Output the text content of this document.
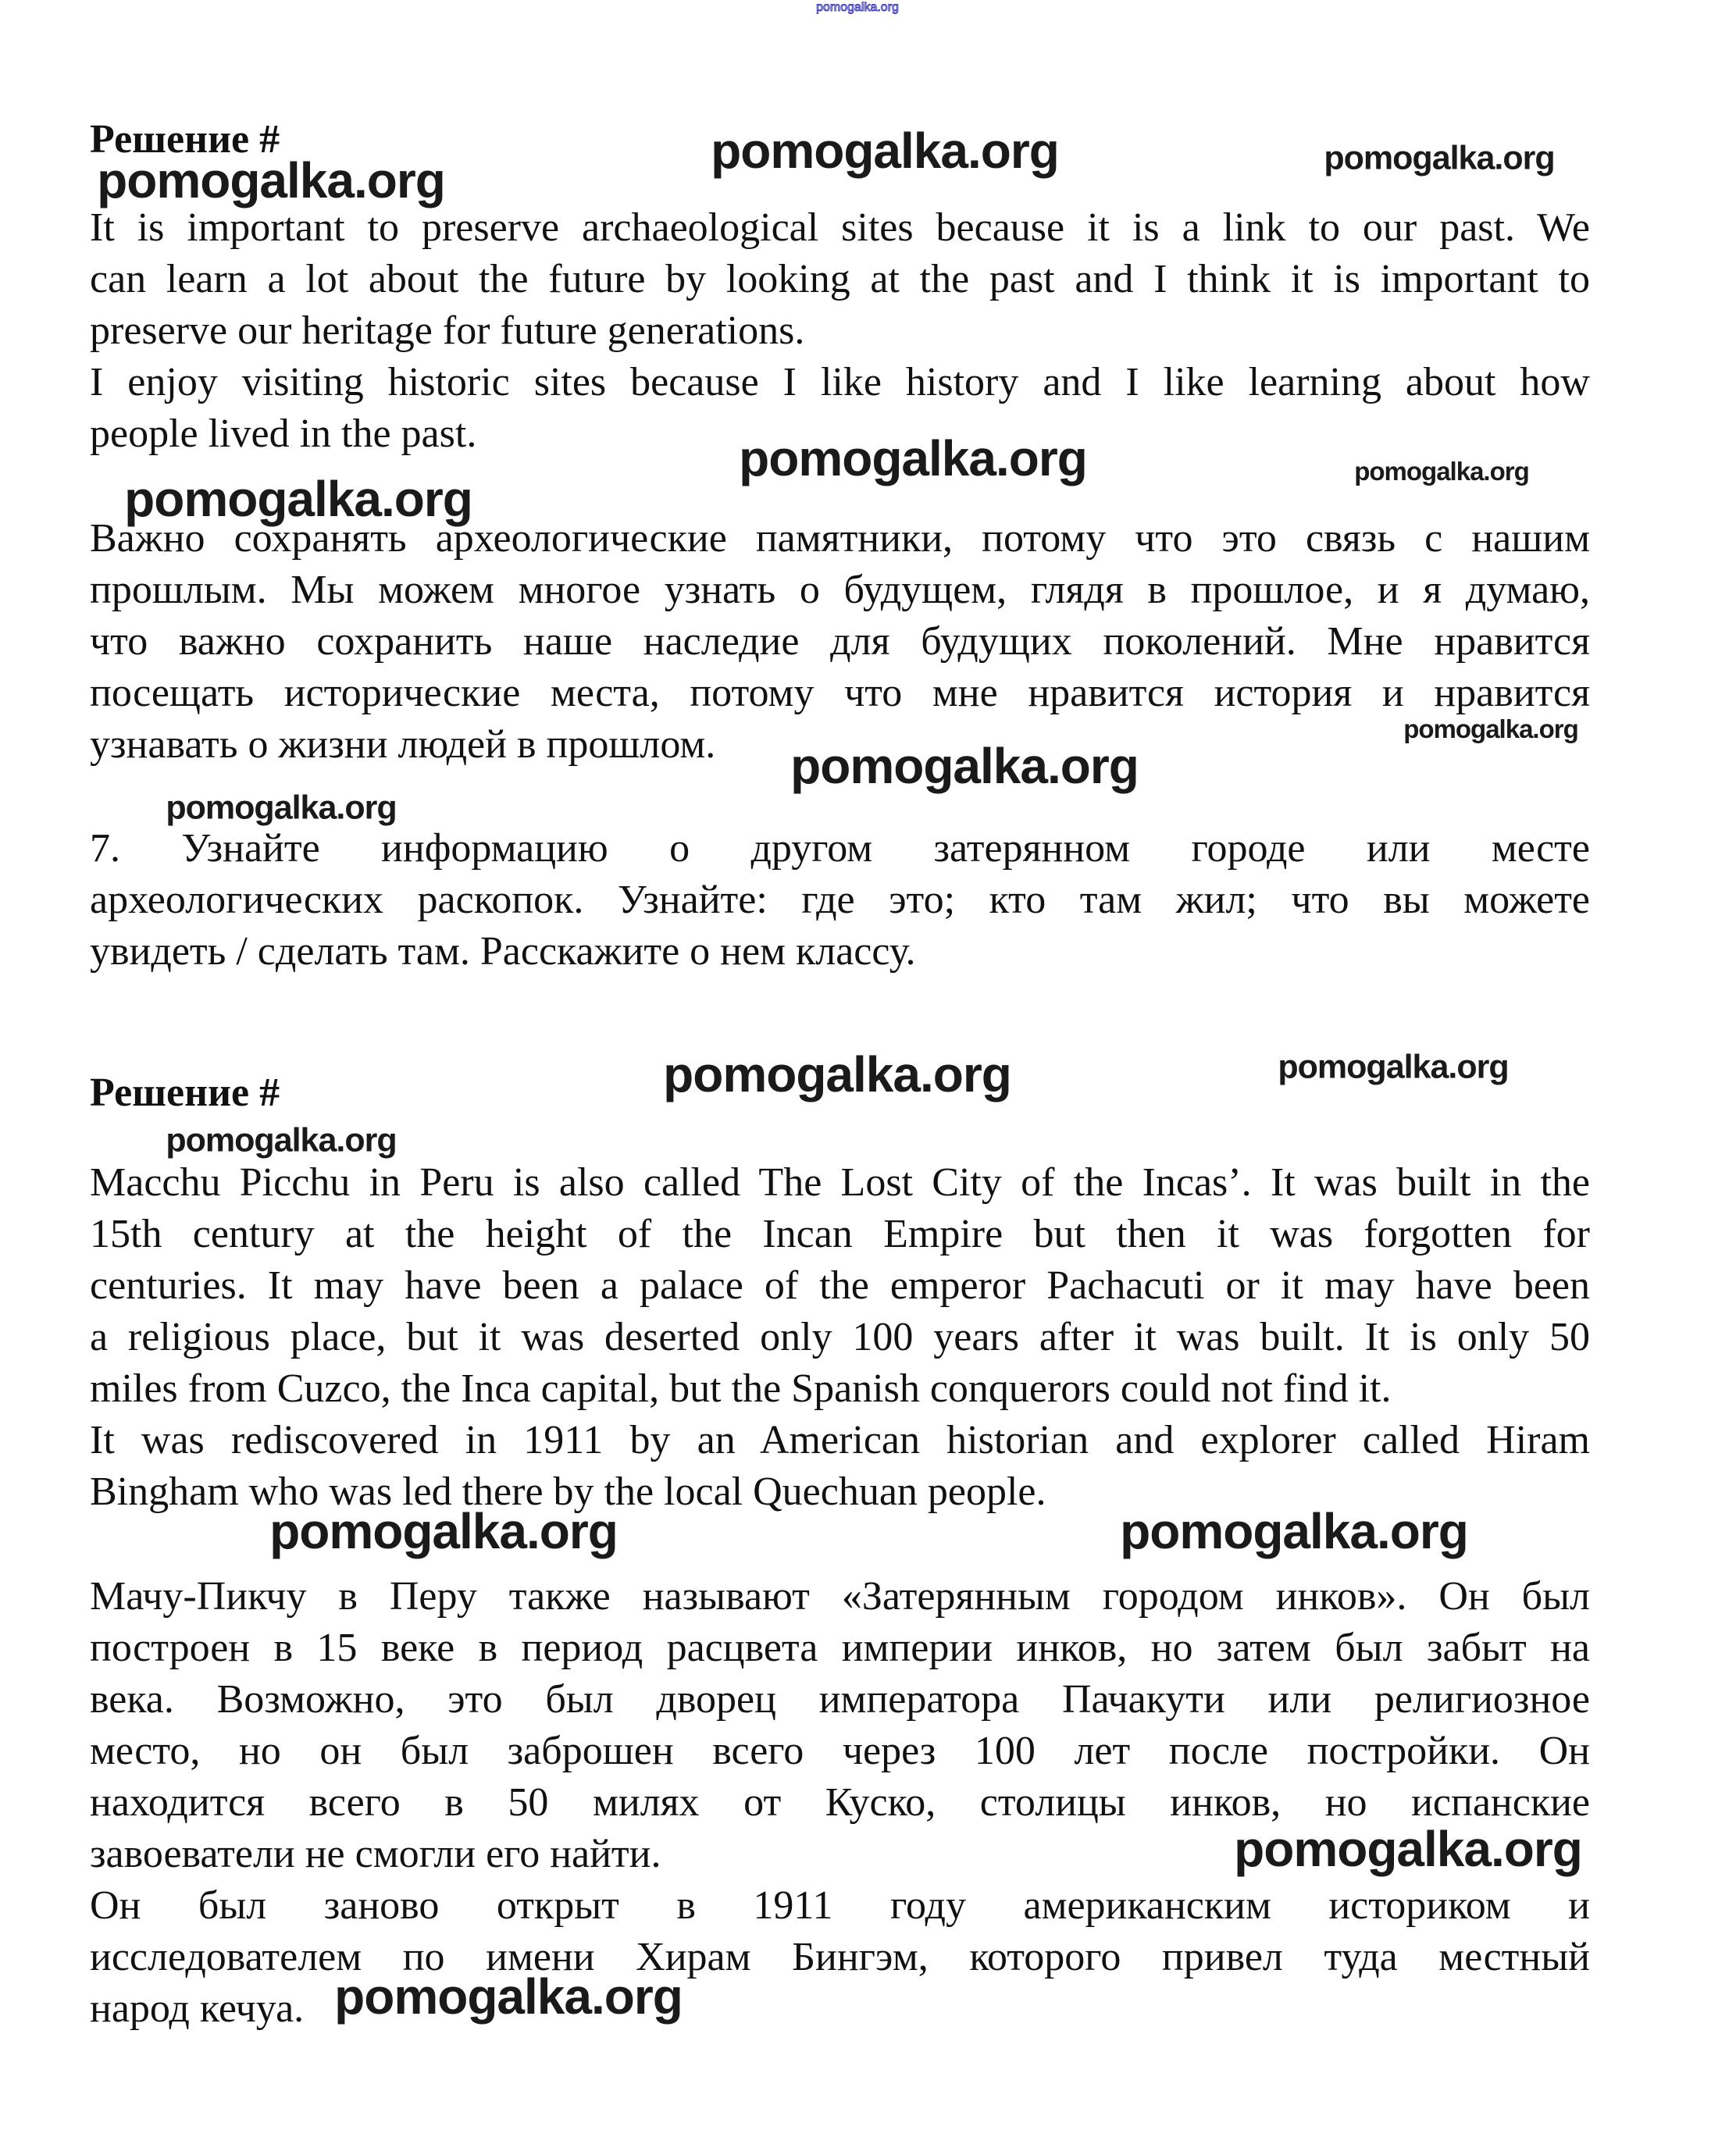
pomogalka.org
pomogalka.org
pomogalka.org	pomogalka.org
pomogalka.org
pomogalka.org	pomogalka.org
pomogalka.org
pomogalka.org
pomogalka.org
pomogalka.org	pomogalka.org
pomogalka.org
pomogalka.org	pomogalka.org
pomogalka.org
pomogalka.org
Решение #
It is important to preserve archaeological sites because it is a link to our past. We
can learn a lot about the future by looking at the past and I think it is important to
preserve our heritage for future generations.
I enjoy visiting historic sites because I like history and I like learning about how
people lived in the past.
Важно сохранять археологические памятники, потому что это связь с нашим
прошлым. Мы можем многое узнать о будущем, глядя в прошлое, и я думаю,
что важно сохранить наше наследие для будущих поколений. Мне нравится
посещать исторические места, потому что мне нравится история и нравится
узнавать о жизни людей в прошлом.
7. Узнайте информацию о другом затерянном городе или месте
археологических раскопок. Узнайте: где это; кто там жил; что вы можете
увидеть / сделать там. Расскажите о нем классу.
Решение #
Macchu Picchu in Peru is also called The Lost City of the Incas’. It was built in the
15th century at the height of the Incan Empire but then it was forgotten for
centuries. It may have been a palace of the emperor Pachacuti or it may have been
a religious place, but it was deserted only 100 years after it was built. It is only 50
miles from Cuzco, the Inca capital, but the Spanish conquerors could not find it.
It was rediscovered in 1911 by an American historian and explorer called Hiram
Bingham who was led there by the local Quechuan people.
Мачу-Пикчу в Перу также называют «Затерянным городом инков». Он был
построен в 15 веке в период расцвета империи инков, но затем был забыт на
века. Возможно, это был дворец императора Пачакути или религиозное
место, но он был заброшен всего через 100 лет после постройки. Он
находится всего в 50 милях от Куско, столицы инков, но испанские
завоеватели не смогли его найти.
Он был заново открыт в 1911 году американским историком и
исследователем по имени Хирам Бингэм, которого привел туда местный
народ кечуа.
